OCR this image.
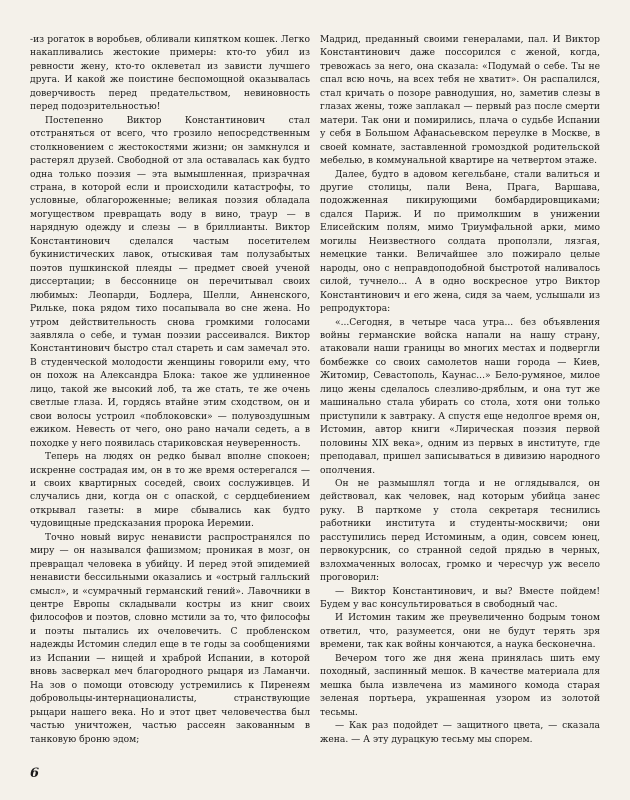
-из рогаток в воробьев, обливали кипятком кошек. Легко накапливались жестокие примеры: кто-то убил из ревности жену, кто-то оклеветал из зависти лучшего друга. И какой же поистине беспомощной оказывалась доверчивость перед предательством, невиновность перед подозрительностью!

Постепенно Виктор Константинович стал отстраняться от всего, что грозило непосредственным столкновением с жестокостями жизни; он замкнулся и растерял друзей. Свободной от зла оставалась как будто одна только поэзия — эта вымышленная, призрачная страна, в которой если и происходили катастрофы, то условные, облагороженные; великая поэзия обладала могуществом превращать воду в вино, траур — в нарядную одежду и слезы — в бриллианты. Виктор Константинович сделался частым посетителем букинистических лавок, отыскивая там полузабытых поэтов пушкинской плеяды — предмет своей ученой диссертации; в бессоннице он перечитывал своих любимых: Леопарди, Бодлера, Шелли, Анненского, Рильке, пока рядом тихо посапывала во сне жена. Но утром действительность снова громкими голосами заявляла о себе, и туман поэзии рассеивался. Виктор Константинович быстро стал стареть и сам замечал это. В студенческой молодости женщины говорили ему, что он похож на Александра Блока: такое же удлиненное лицо, такой же высокий лоб, та же стать, те же очень светлые глаза. И, гордясь втайне этим сходством, он и свои волосы устроил «поблоковски» — полувоздушным ежиком. Невесть от чего, оно рано начали седеть, а в походке у него появилась стариковская неуверенность.

Теперь на людях он редко бывал вполне спокоен; искренне сострадая им, он в то же время остерегался — и своих квартирных соседей, своих сослуживцев. И случались дни, когда он с опаской, с сердцебиением открывал газеты: в мире сбывались как будто чудовищные предсказания пророка Иеремии.

Точно новый вирус ненависти распространялся по миру — он назывался фашизмом; проникая в мозг, он превращал человека в убийцу. И перед этой эпидемией ненависти бессильными оказались и «острый галльский смысл», и «сумрачный германский гений». Лавочники в центре Европы складывали костры из книг своих философов и поэтов, словно мстили за то, что философы и поэты пытались их очеловечить. С пробленском надежды Истомин следил еще в те годы за сообщениями из Испании — нищей и храброй Испании, в которой вновь засверкал меч благородного рыцаря из Ламанчи. На зов о помощи отовсюду устремились к Пиренеям добровольцы-интернационалисты, странствующие рыцари нашего века. Но и этот цвет человечества был частью уничтожен, частью рассеян закованным в танковую броню эдом;

Мадрид, преданный своими генералами, пал. И Виктор Константинович даже поссорился с женой, когда, тревожась за него, она сказала: «Подумай о себе. Ты не спал всю ночь, на всех тебя не хватит». Он распалился, стал кричать о позоре равнодушия, но, заметив слезы в глазах жены, тоже заплакал — первый раз после смерти матери. Так они и помирились, плача о судьбе Испании у себя в Большом Афанасьевском переулке в Москве, в своей комнате, заставленной громоздкой родительской мебелью, в коммунальной квартире на четвертом этаже.

Далее, будто в адовом кегельбане, стали валиться и другие столицы, пали Вена, Прага, Варшава, подожженная пикирующими бомбардировщиками; сдался Париж. И по примолкшим в унижении Елисейским полям, мимо Триумфальной арки, мимо могилы Неизвестного солдата проползли, лязгая, немецкие танки. Величайшее зло пожирало целые народы, оно с неправдоподобной быстротой наливалось силой, тучнело... А в одно воскресное утро Виктор Константинович и его жена, сидя за чаем, услышали из репродуктора:

«...Сегодня, в четыре часа утра... без объявления войны германские войска напали на нашу страну, атаковали наши границы во многих местах и подвергли бомбежке со своих самолетов наши города — Киев, Житомир, Севастополь, Каунас...» Бело-румяное, милое лицо жены сделалось слезливо-дряблым, и она тут же машинально стала убирать со стола, хотя они только приступили к завтраку. А спустя еще недолгое время он, Истомин, автор книги «Лирическая поэзия первой половины XIX века», одним из первых в институте, где преподавал, пришел записываться в дивизию народного ополчения.

Он не размышлял тогда и не оглядывался, он действовал, как человек, над которым убийца занес руку. В парткоме у стола секретаря теснились работники института и студенты-москвичи; они расступились перед Истоминым, а один, совсем юнец, первокурсник, со странной седой прядью в черных, взлохмаченных волосах, громко и чересчур уж весело проговорил:

— Виктор Константинович, и вы? Вместе пойдем! Будем у вас консультироваться в свободный час.

И Истомин таким же преувеличенно бодрым тоном ответил, что, разумеется, они не будут терять зря времени, так как войны кончаются, а наука бесконечна.

Вечером того же дня жена принялась шить ему походный, заспинный мешок. В качестве материала для мешка была извлечена из маминого комода старая зеленая портьера, украшенная узором из золотой тесьмы.

— Как раз подойдет — защитного цвета, — сказала жена. — А эту дурацкую тесьму мы спорем.

6
